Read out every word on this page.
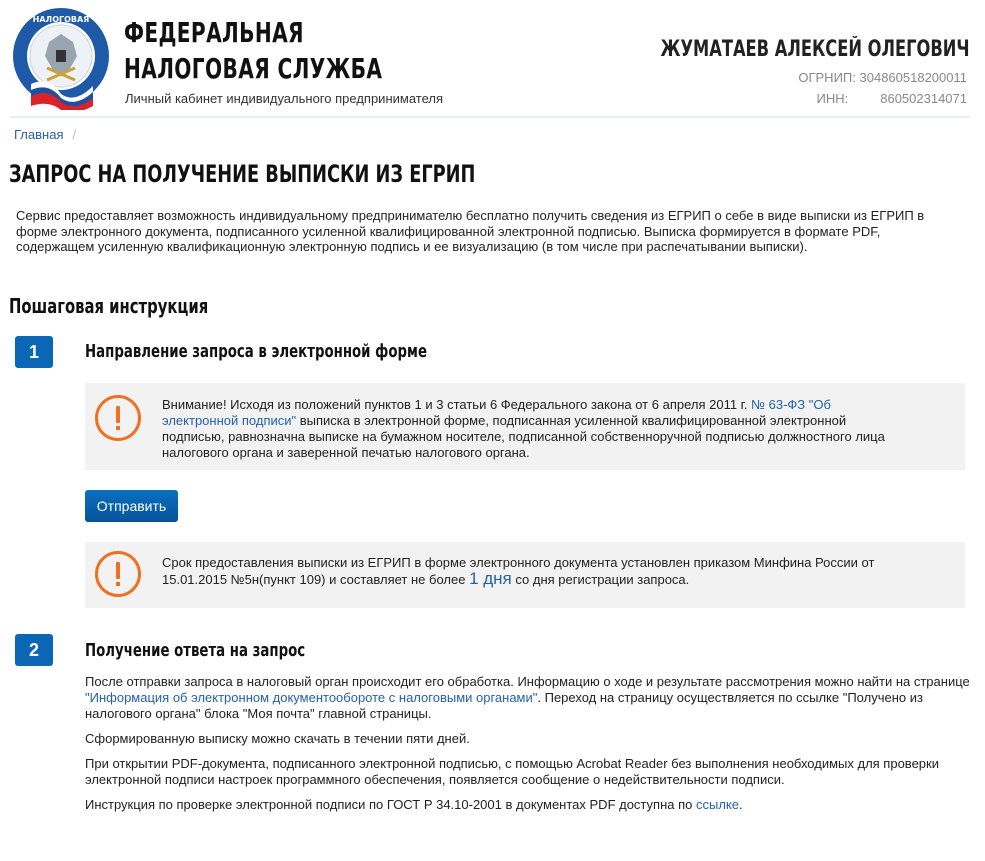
НАЛОГОВАЯ ФЕДЕРАЛЬНАЯ
НАЛОГОВАЯ СЛУЖБА
Личный кабинет индивидуального предпринимателя
ЖУМАТАЕВ АЛЕКСЕЙ ОЛЕГОВИЧ
ОГРНИП: 304860518200011
ИНН: 860502314071
Главная /
ЗАПРОС НА ПОЛУЧЕНИЕ ВЫПИСКИ ИЗ ЕГРИП
Сервис предоставляет возможность индивидуальному предпринимателю бесплатно получить сведения из ЕГРИП о себе в виде выписки из ЕГРИП в форме электронного документа, подписанного усиленной квалифицированной электронной подписью. Выписка формируется в формате PDF, содержащем усиленную квалификационную электронную подпись и ее визуализацию (в том числе при распечатывании выписки).
Пошаговая инструкция
1	Направление запроса в электронной форме
Внимание! Исходя из положений пунктов 1 и 3 статьи 6 Федерального закона от 6 апреля 2011 г. № 63-ФЗ "Об электронной подписи" выписка в электронной форме, подписанная усиленной квалифицированной электронной подписью, равнозначна выписке на бумажном носителе, подписанной собственноручной подписью должностного лица налогового органа и заверенной печатью налогового органа.
Отправить
Срок предоставления выписки из ЕГРИП в форме электронного документа установлен приказом Минфина России от 15.01.2015 №5н(пункт 109) и составляет не более 1 дня со дня регистрации запроса.
2	Получение ответа на запрос

После отправки запроса в налоговый орган происходит его обработка. Информацию о ходе и результате рассмотрения можно найти на странице "Информация об электронном документообороте с налоговыми органами". Переход на страницу осуществляется по ссылке "Получено из налогового органа" блока "Моя почта" главной страницы.

Сформированную выписку можно скачать в течении пяти дней.

При открытии PDF-документа, подписанного электронной подписью, с помощью Acrobat Reader без выполнения необходимых для проверки электронной подписи настроек программного обеспечения, появляется сообщение о недействительности подписи.

Инструкция по проверке электронной подписи по ГОСТ Р 34.10-2001 в документах PDF доступна по ссылке.
